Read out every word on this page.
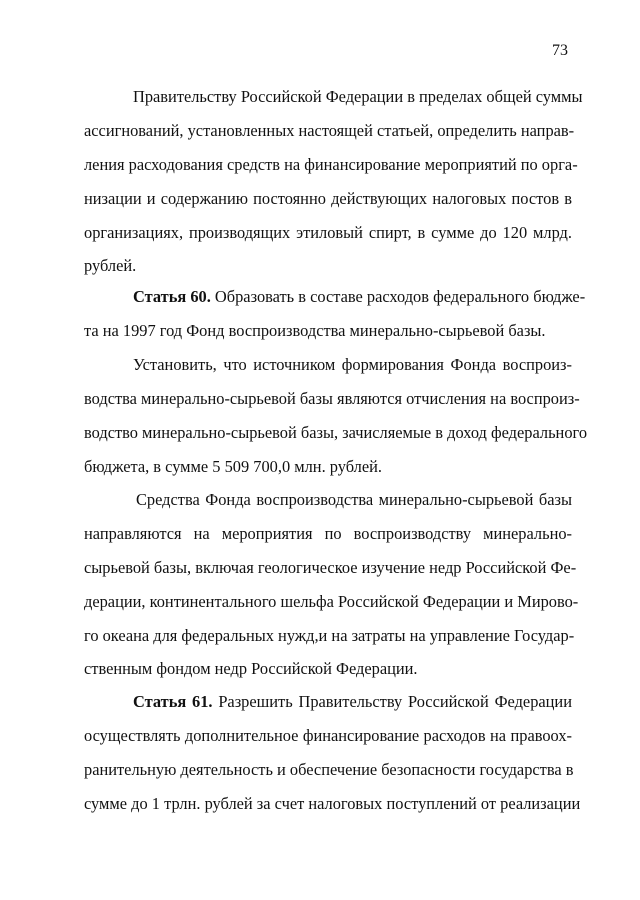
73
Правительству Российской Федерации в пределах общей суммы
ассигнований, установленных настоящей статьей, определить направ-
ления расходования средств на финансирование мероприятий по орга-
низации и содержанию постоянно действующих налоговых постов в
организациях, производящих этиловый спирт, в сумме до 120 млрд.
рублей.
Статья 60. Образовать в составе расходов федерального бюдже-
та на 1997 год Фонд воспроизводства минерально-сырьевой базы.
Установить, что источником формирования Фонда воспроиз-
водства минерально-сырьевой базы являются отчисления на воспроиз-
водство минерально-сырьевой базы, зачисляемые в доход федерального
бюджета, в сумме 5 509 700,0 млн. рублей.
Средства Фонда воспроизводства минерально-сырьевой базы
направляются на мероприятия по воспроизводству минерально-
сырьевой базы, включая геологическое изучение недр Российской Фе-
дерации, континентального шельфа Российской Федерации и Мирово-
го океана для федеральных нужд,и на затраты на управление Государ-
ственным фондом недр Российской Федерации.
Статья 61. Разрешить Правительству Российской Федерации
осуществлять дополнительное финансирование расходов на правоох-
ранительную деятельность и обеспечение безопасности государства в
сумме до 1 трлн. рублей за счет налоговых поступлений от реализации
